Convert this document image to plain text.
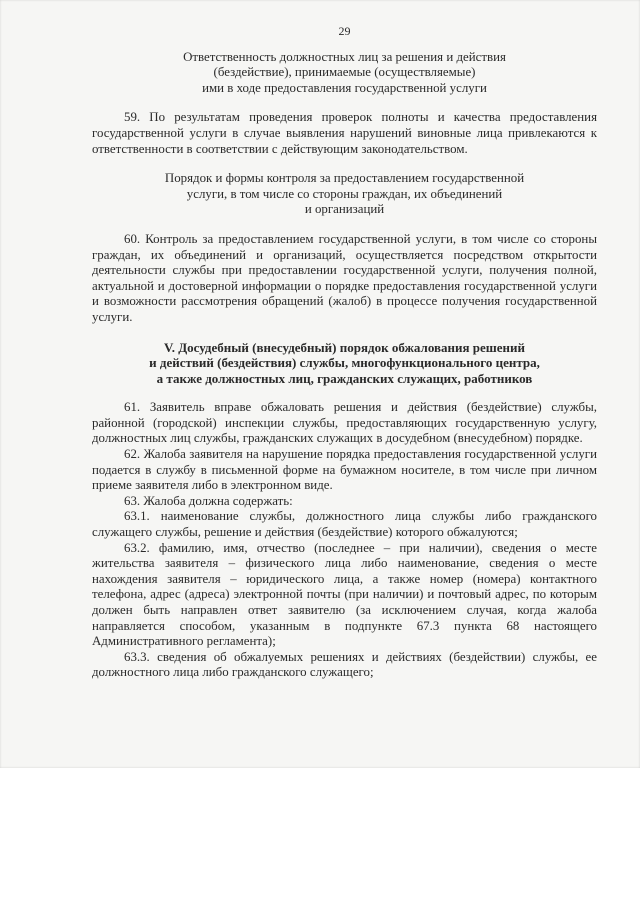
29
Ответственность должностных лиц за решения и действия
(бездействие), принимаемые (осуществляемые)
ими в ходе предоставления государственной услуги

59. По результатам проведения проверок полноты и качества предоставления государственной услуги в случае выявления нарушений виновные лица привлекаются к ответственности в соответствии с действующим законодательством.

Порядок и формы контроля за предоставлением государственной
услуги, в том числе со стороны граждан, их объединений
и организаций

60. Контроль за предоставлением государственной услуги, в том числе со стороны граждан, их объединений и организаций, осуществляется посредством открытости деятельности службы при предоставлении государственной услуги, получения полной, актуальной и достоверной информации о порядке предоставления государственной услуги и возможности рассмотрения обращений (жалоб) в процессе получения государственной услуги.

V. Досудебный (внесудебный) порядок обжалования решений
и действий (бездействия) службы, многофункционального центра,
а также должностных лиц, гражданских служащих, работников

61. Заявитель вправе обжаловать решения и действия (бездействие) службы, районной (городской) инспекции службы, предоставляющих государственную услугу, должностных лиц службы, гражданских служащих в досудебном (внесудебном) порядке.

62. Жалоба заявителя на нарушение порядка предоставления государственной услуги подается в службу в письменной форме на бумажном носителе, в том числе при личном приеме заявителя либо в электронном виде.

63. Жалоба должна содержать:

63.1. наименование службы, должностного лица службы либо гражданского служащего службы, решение и действия (бездействие) которого обжалуются;

63.2. фамилию, имя, отчество (последнее – при наличии), сведения о месте жительства заявителя – физического лица либо наименование, сведения о месте нахождения заявителя – юридического лица, а также номер (номера) контактного телефона, адрес (адреса) электронной почты (при наличии) и почтовый адрес, по которым должен быть направлен ответ заявителю (за исключением случая, когда жалоба направляется способом, указанным в подпункте 67.3 пункта 68 настоящего Административного регламента);

63.3. сведения об обжалуемых решениях и действиях (бездействии) службы, ее должностного лица либо гражданского служащего;
